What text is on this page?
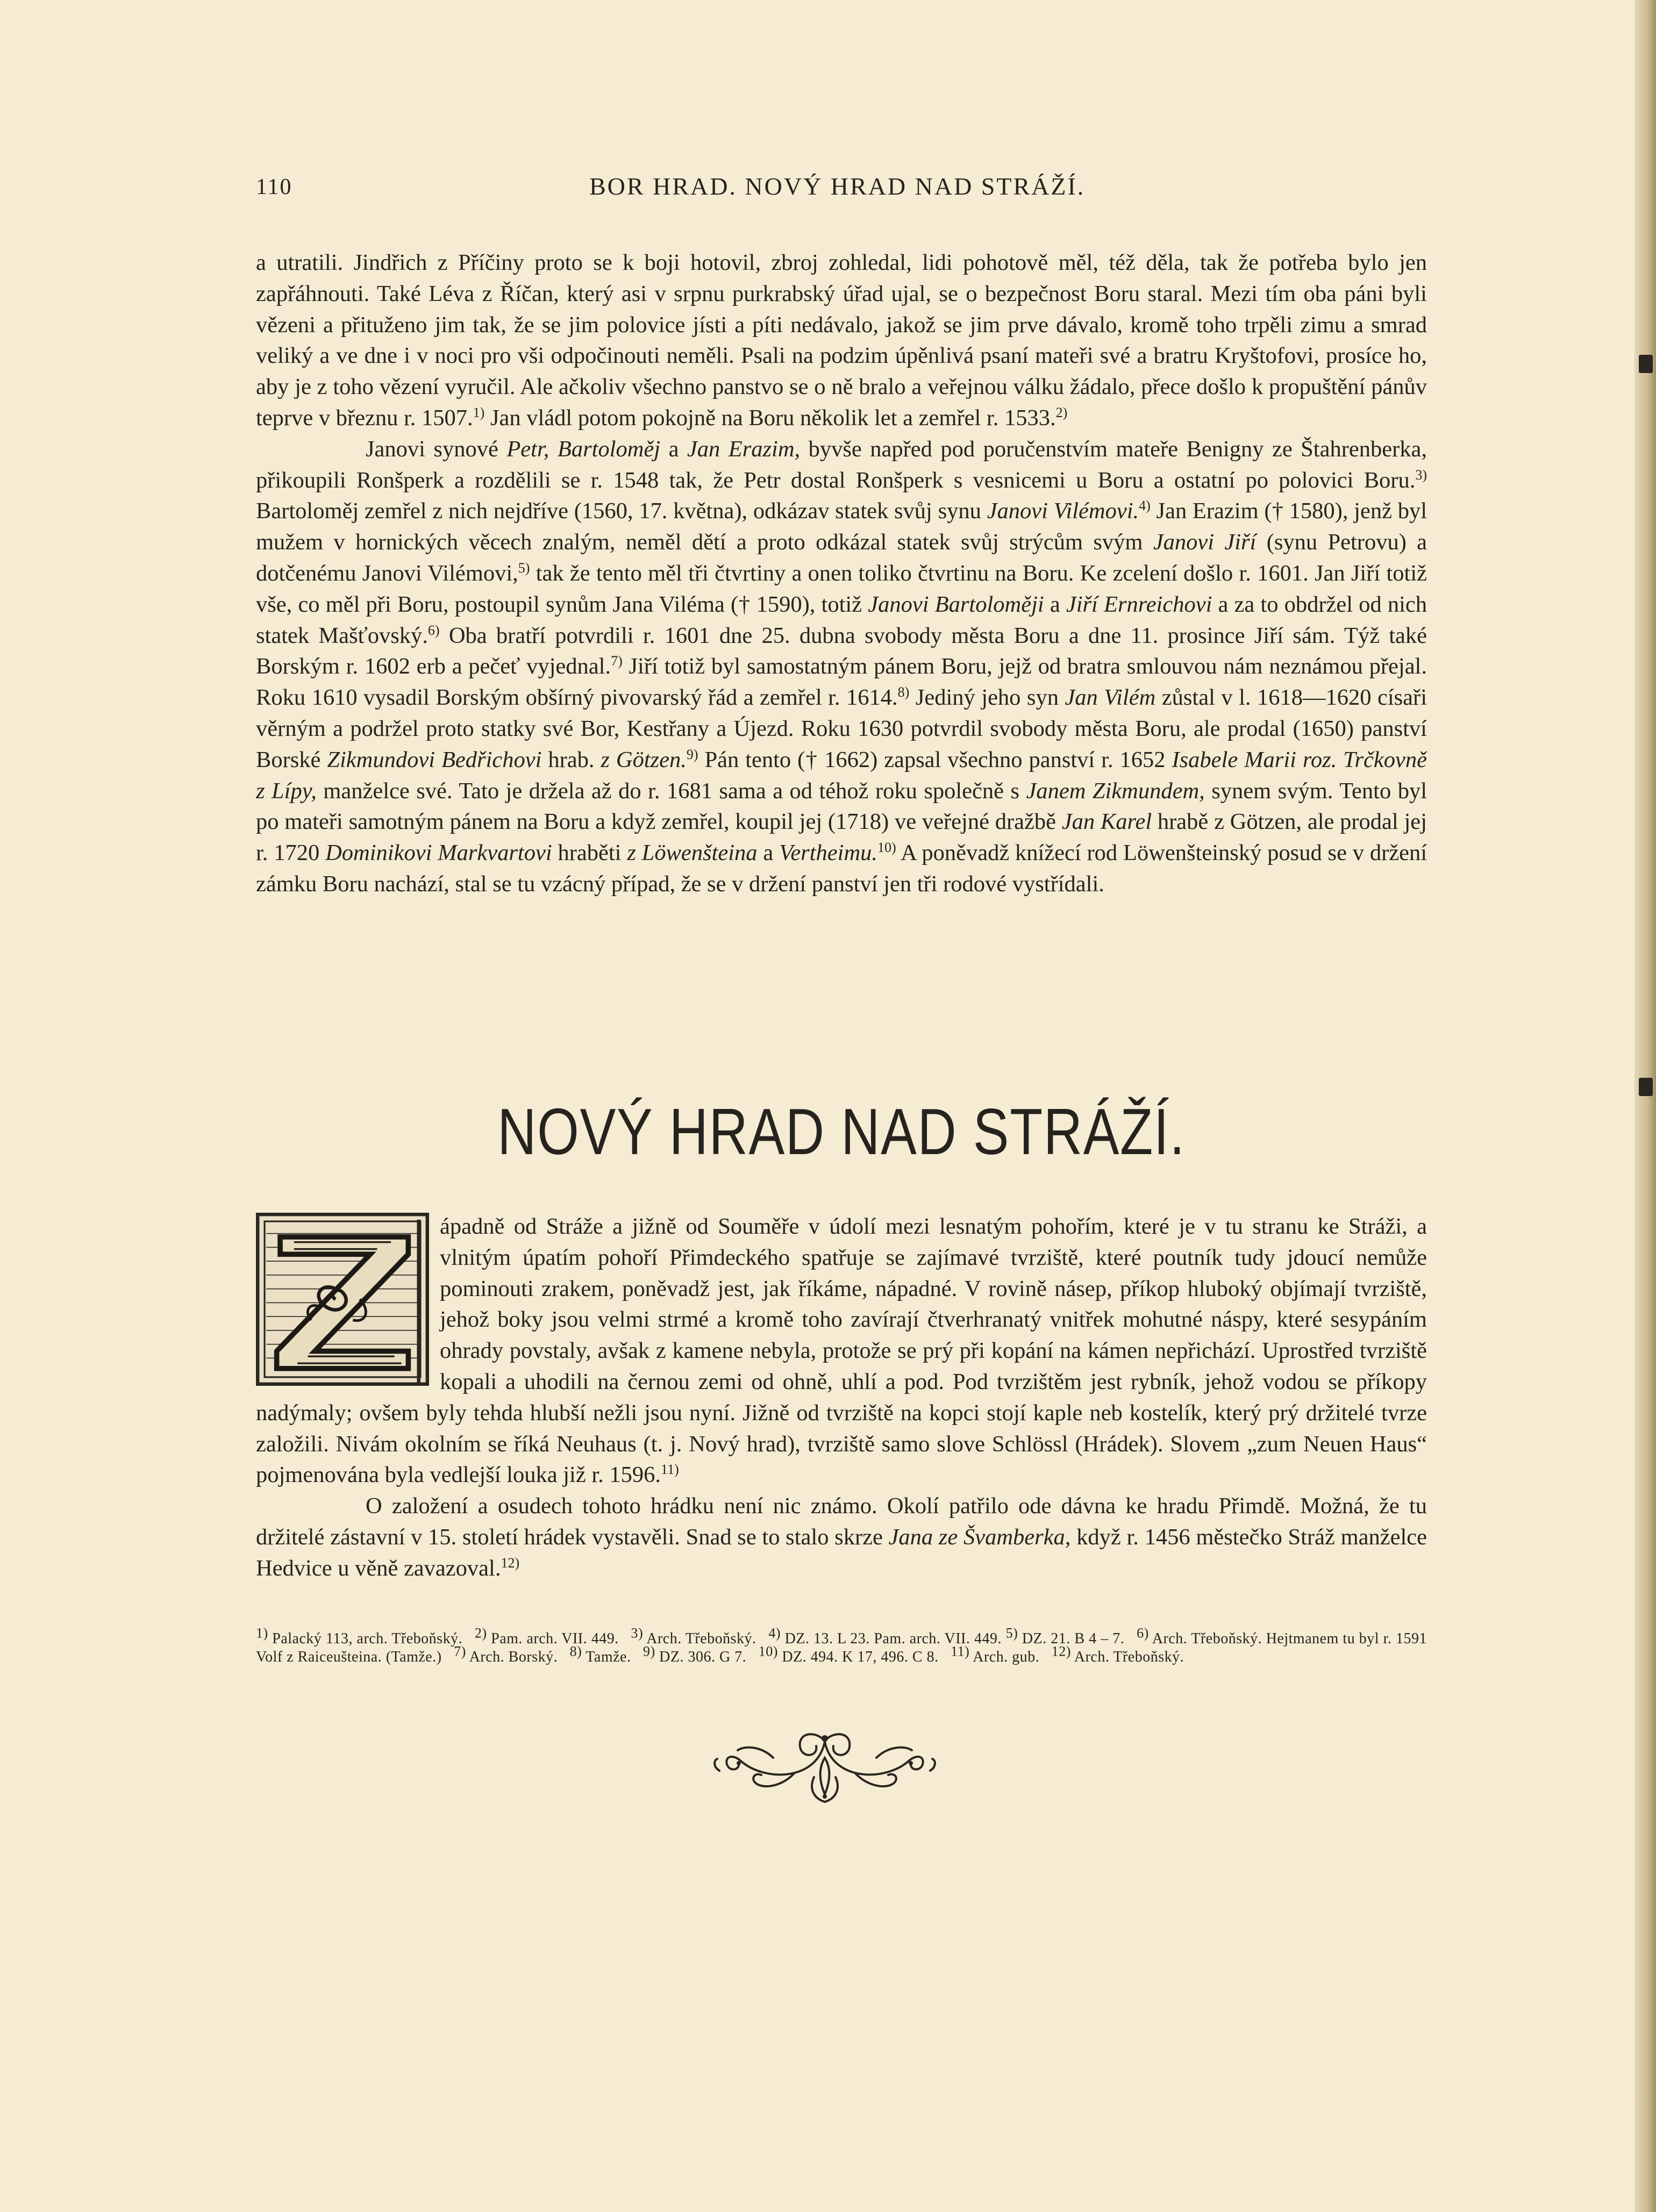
110	BOR HRAD. NOVÝ HRAD NAD STRÁŽÍ.

a utratili. Jindřich z Příčiny proto se k boji hotovil, zbroj zohledal, lidi pohotově měl, též děla, tak že potřeba bylo jen zapřáhnouti. Také Léva z Říčan, který asi v srpnu purkrabský úřad ujal, se o bezpečnost Boru staral. Mezi tím oba páni byli vězeni a přituženo jim tak, že se jim polovice jísti a píti nedávalo, jakož se jim prve dávalo, kromě toho trpěli zimu a smrad veliký a ve dne i v noci pro vši odpočinouti neměli. Psali na podzim úpěnlivá psaní mateři své a bratru Kryštofovi, prosíce ho, aby je z toho vězení vyručil. Ale ačkoliv všechno panstvo se o ně bralo a veřejnou válku žádalo, přece došlo k propuštění pánův teprve v březnu r. 1507.$^{1)}$ Jan vládl potom pokojně na Boru několik let a zemřel r. 1533.$^{2)}$

Janovi synové Petr, Bartoloměj a Jan Erazim, byvše napřed pod poručenstvím mateře Benigny ze Štahrenberka, přikoupili Ronšperk a rozdělili se r. 1548 tak, že Petr dostal Ronšperk s vesnicemi u Boru a ostatní po polovici Boru.$^{3)}$ Bartoloměj zemřel z nich nejdříve (1560, 17. května), odkázav statek svůj synu Janovi Vilémovi.$^{4)}$ Jan Erazim († 1580), jenž byl mužem v hornických věcech znalým, neměl dětí a proto odkázal statek svůj strýcům svým Janovi Jiří (synu Petrovu) a dotčenému Janovi Vilémovi,$^{5)}$ tak že tento měl tři čtvrtiny a onen toliko čtvrtinu na Boru. Ke zcelení došlo r. 1601. Jan Jiří totiž vše, co měl při Boru, postoupil synům Jana Viléma († 1590), totiž Janovi Bartoloměji a Jiří Ernreichovi a za to obdržel od nich statek Mašťovský.$^{6)}$ Oba bratří potvrdili r. 1601 dne 25. dubna svobody města Boru a dne 11. prosince Jiří sám. Týž také Borským r. 1602 erb a pečeť vyjednal.$^{7)}$ Jiří totiž byl samostatným pánem Boru, jejž od bratra smlouvou nám neznámou přejal. Roku 1610 vysadil Borským obšírný pivovarský řád a zemřel r. 1614.$^{8)}$ Jediný jeho syn Jan Vilém zůstal v l. 1618—1620 císaři věrným a podržel proto statky své Bor, Kestřany a Újezd. Roku 1630 potvrdil svobody města Boru, ale prodal (1650) panství Borské Zikmundovi Bedřichovi hrab. z Götzen.$^{9)}$ Pán tento († 1662) zapsal všechno panství r. 1652 Isabele Marii roz. Trčkovně z Lípy, manželce své. Tato je držela až do r. 1681 sama a od téhož roku společně s Janem Zikmundem, synem svým. Tento byl po mateři samotným pánem na Boru a když zemřel, koupil jej (1718) ve veřejné dražbě Jan Karel hrabě z Götzen, ale prodal jej r. 1720 Dominikovi Markvartovi hraběti z Löwenšteina a Vertheimu.$^{10)}$ A poněvadž knížecí rod Löwenšteinský posud se v držení zámku Boru nachází, stal se tu vzácný případ, že se v držení panství jen tři rodové vystřídali.

NOVÝ HRAD NAD STRÁŽÍ.

ápadně od Stráže a jižně od Souměře v údolí mezi lesnatým pohořím, které je v tu stranu ke Stráži, a vlnitým úpatím pohoří Přimdeckého spatřuje se zajímavé tvrziště, které poutník tudy jdoucí nemůže pominouti zrakem, poněvadž jest, jak říkáme, nápadné. V rovině násep, příkop hluboký objímají tvrziště, jehož boky jsou velmi strmé a kromě toho zavírají čtverhranatý vnitřek mohutné náspy, které sesypáním ohrady povstaly, avšak z kamene nebyla, protože se prý při kopání na kámen nepřichází. Uprostřed tvrziště kopali a uhodili na černou zemi od ohně, uhlí a pod. Pod tvrzištěm jest rybník, jehož vodou se příkopy nadýmaly; ovšem byly tehda hlubší nežli jsou nyní. Jižně od tvrziště na kopci stojí kaple neb kostelík, který prý držitelé tvrze založili. Nivám okolním se říká Neuhaus (t. j. Nový hrad), tvrziště samo slove Schlössl (Hrádek). Slovem „zum Neuen Haus“ pojmenována byla vedlejší louka již r. 1596.$^{11)}$

O založení a osudech tohoto hrádku není nic známo. Okolí patřilo ode dávna ke hradu Přimdě. Možná, že tu držitelé zástavní v 15. století hrádek vystavěli. Snad se to stalo skrze Jana ze Švamberka, když r. 1456 městečko Stráž manželce Hedvice u věně zavazoval.$^{12)}$

$^{1)}$ Palacký 113, arch. Třeboňský. $^{2)}$ Pam. arch. VII. 449. $^{3)}$ Arch. Třeboňský. $^{4)}$ DZ. 13. L 23. Pam. arch. VII. 449. $^{5)}$ DZ. 21. B 4 – 7. $^{6)}$ Arch. Třeboňský. Hejtmanem tu byl r. 1591 Volf z Raiceušteina. (Tamže.) $^{7)}$ Arch. Borský. $^{8)}$ Tamže. $^{9)}$ DZ. 306. G 7. $^{10)}$ DZ. 494. K 17, 496. C 8. $^{11)}$ Arch. gub. $^{12)}$ Arch. Třeboňský.
